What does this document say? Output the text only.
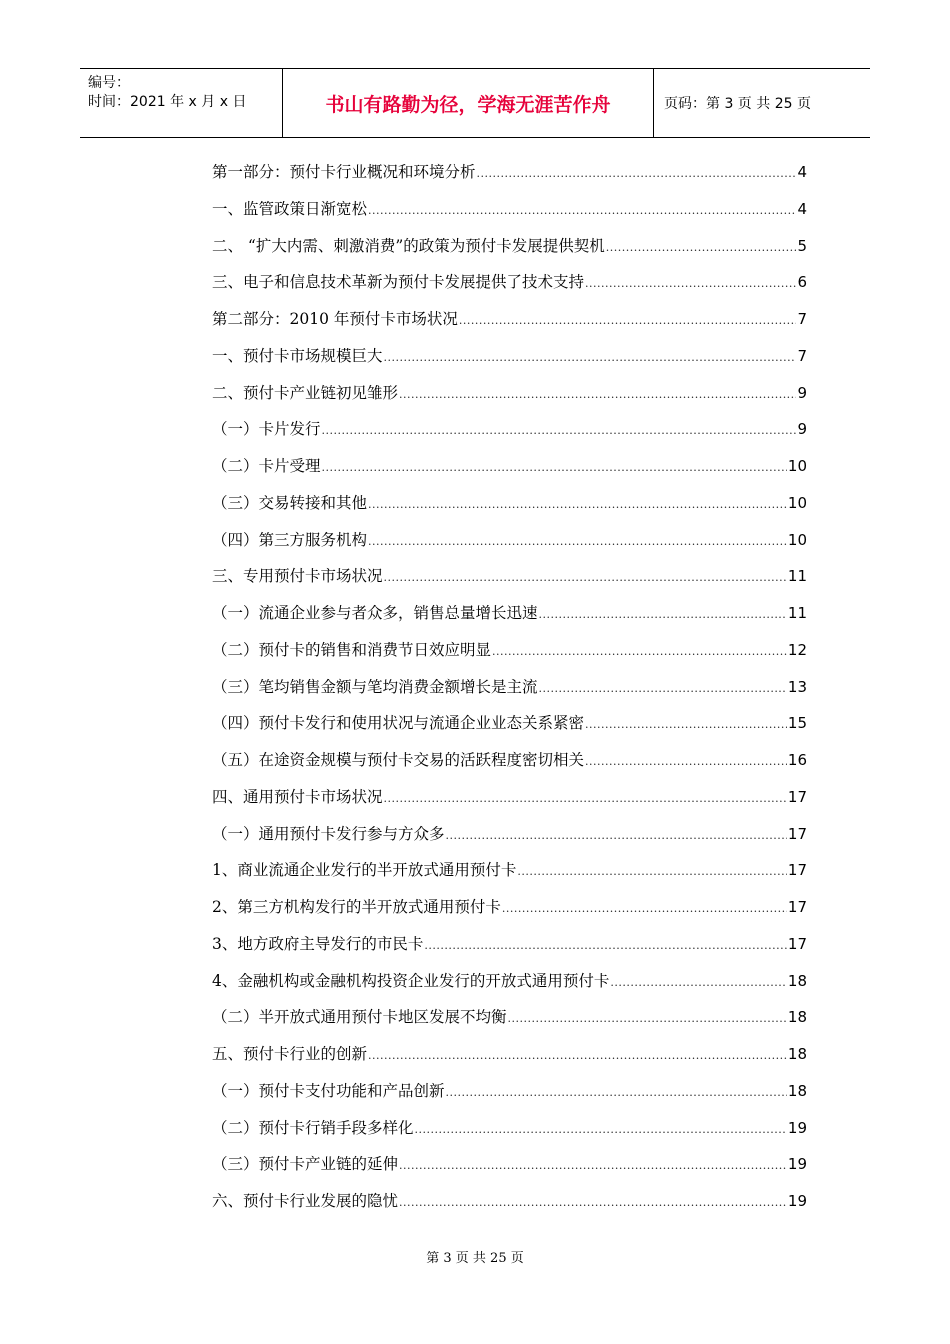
编号：
时间：2021 年 x 月 x 日	书山有路勤为径，学海无涯苦作舟	页码：第 3 页 共 25 页
第一部分：预付卡行业概况和环境分析 .....	4
一、监管政策日渐宽松 .....	4
二、 “扩大内需、刺激消费”的政策为预付卡发展提供契机 .....	5
三、电子和信息技术革新为预付卡发展提供了技术支持 .....	6
第二部分：2010 年预付卡市场状况 .....	7
一、预付卡市场规模巨大 .....	7
二、预付卡产业链初见雏形 .....	9
（一）卡片发行 .....	9
（二）卡片受理 .....	10
（三）交易转接和其他 .....	10
（四）第三方服务机构 .....	10
三、专用预付卡市场状况 .....	11
（一）流通企业参与者众多，销售总量增长迅速 .....	11
（二）预付卡的销售和消费节日效应明显 .....	12
（三）笔均销售金额与笔均消费金额增长是主流 .....	13
（四）预付卡发行和使用状况与流通企业业态关系紧密 .....	15
（五）在途资金规模与预付卡交易的活跃程度密切相关 .....	16
四、通用预付卡市场状况 .....	17
（一）通用预付卡发行参与方众多 .....	17
1、商业流通企业发行的半开放式通用预付卡 .....	17
2、第三方机构发行的半开放式通用预付卡 .....	17
3、地方政府主导发行的市民卡 .....	17
4、金融机构或金融机构投资企业发行的开放式通用预付卡 .....	18
（二）半开放式通用预付卡地区发展不均衡 .....	18
五、预付卡行业的创新 .....	18
（一）预付卡支付功能和产品创新 .....	18
（二）预付卡行销手段多样化 .....	19
（三）预付卡产业链的延伸 .....	19
六、预付卡行业发展的隐忧 .....	19
第 3 页 共 25 页
